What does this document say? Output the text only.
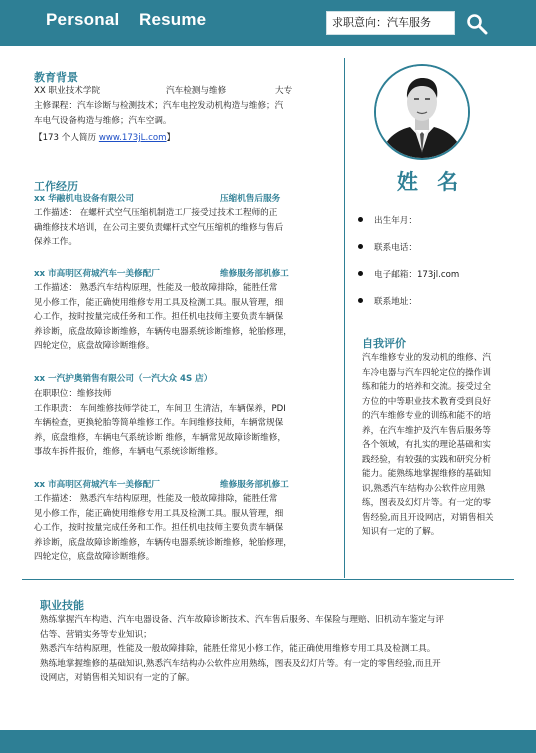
Personal Resume	求职意向：汽车服务
教育背景
XX 职业技术学院	汽车检测与维修	大专
主修课程：汽车诊断与检测技术；汽车电控发动机构造与维修；汽
车电气设备构造与维修；汽车空调。
【173 个人简历 www.173jL.com】
工作经历
xx 华融机电设备有限公司	压缩机售后服务
工作描述： 在螺杆式空气压缩机制造工厂接受过技术工程师的正
确维修技术培训，在公司主要负责螺杆式空气压缩机的维修与售后
保养工作。
xx 市高明区荷城汽车一美修配厂	维修服务部机修工
工作描述： 熟悉汽车结构原理，性能及一般故障排除，能胜任常
见小修工作，能正确使用维修专用工具及检测工具。服从管理，细
心工作，按时按量完成任务和工作。担任机电技师主要负责车辆保
养诊断，底盘故障诊断维修，车辆传电器系统诊断维修，轮胎修理，
四轮定位，底盘故障诊断维修。
xx 一汽护奥销售有限公司（一汽大众 4S 店）
在职职位：维修技师
工作职责： 车间维修技师学徒工，车间卫 生清洁，车辆保养，PDI
车辆检查，更换轮胎等简单维修工作。车间维修技师，车辆常规保
养，底盘维修，车辆电气系统诊断 维修，车辆常见故障诊断维修，
事故车拆件报价，维修，车辆电气系统诊断维修。
xx 市高明区荷城汽车一美修配厂	维修服务部机修工
工作描述： 熟悉汽车结构原理，性能及一般故障排除，能胜任常
见小修工作，能正确使用维修专用工具及检测工具。服从管理，细
心工作，按时按量完成任务和工作。担任机电技师主要负责车辆保
养诊断，底盘故障诊断维修，车辆传电器系统诊断维修，轮胎修理，
四轮定位，底盘故障诊断维修。
姓 名
出生年月：
联系电话：
电子邮箱：173jl.com
联系地址：
自我评价
汽车维修专业的发动机的维修、汽
车冷电器与汽车四轮定位的操作训
练和能力的培养和交流。接受过全
方位的中等职业技术教育受到良好
的汽车维修专业的训练和能不的培
养，在汽车维护及汽车售后服务等
各个领域，有扎实的理论基础和实
践经验，有较强的实践和研究分析
能力。能熟练地掌握维修的基础知
识,熟悉汽车结构办公软件应用熟
练，图表及幻灯片等。有一定的零
售经验,而且开设网店，对销售相关
知识有一定的了解。
职业技能
熟练掌握汽车构造、汽车电器设备、汽车故障诊断技术、汽车售后服务、车保险与理赔、旧机动车鉴定与评
估等、营销实务等专业知识；
熟悉汽车结构原理，性能及一般故障排除，能胜任常见小修工作，能正确使用维修专用工具及检测工具。
熟练地掌握维修的基础知识,熟悉汽车结构办公软件应用熟练，图表及幻灯片等。有一定的零售经验,而且开
设网店，对销售相关知识有一定的了解。
